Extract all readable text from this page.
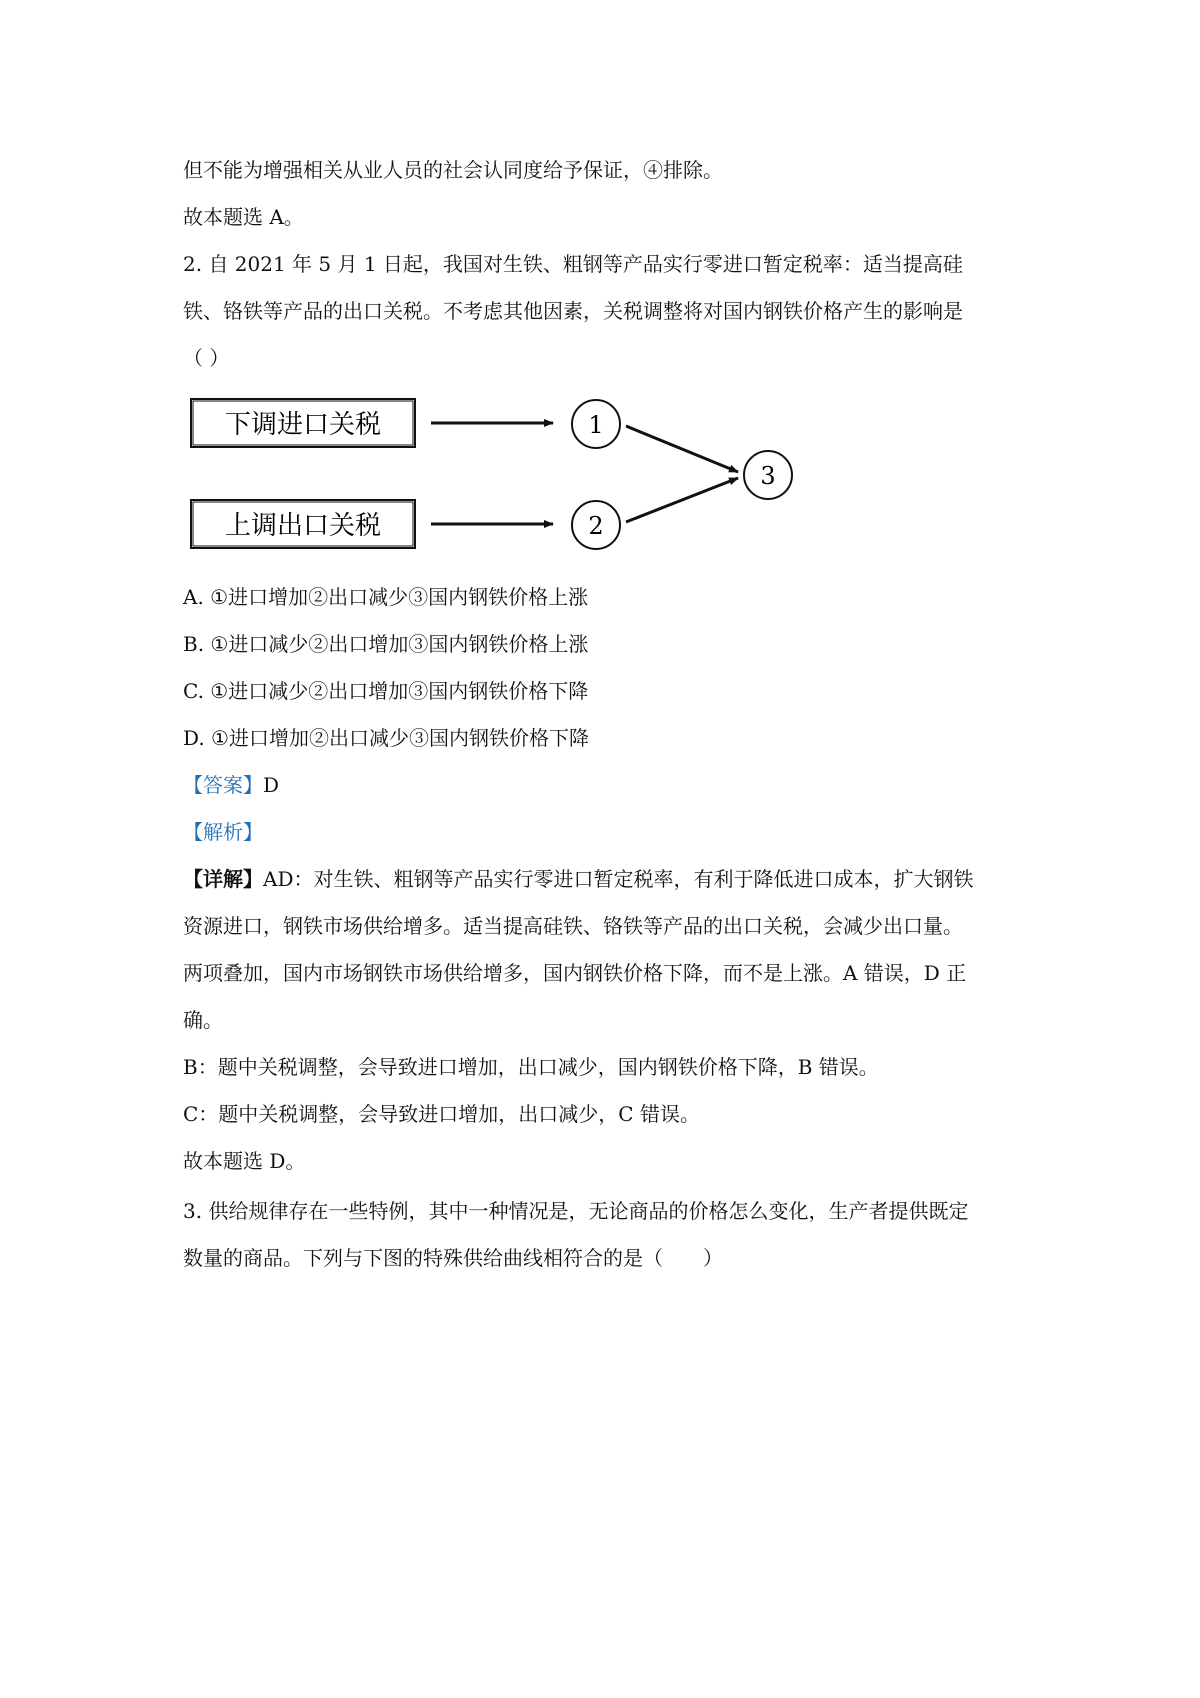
但不能为增强相关从业人员的社会认同度给予保证，④排除。
故本题选 A。
2. 自 2021 年 5 月 1 日起，我国对生铁、粗钢等产品实行零进口暂定税率：适当提高硅
铁、铬铁等产品的出口关税。不考虑其他因素，关税调整将对国内钢铁价格产生的影响是
（ ）
下调进口关税
上调出口关税
1
2
3
A. ①进口增加②出口减少③国内钢铁价格上涨
B. ①进口减少②出口增加③国内钢铁价格上涨
C. ①进口减少②出口增加③国内钢铁价格下降
D. ①进口增加②出口减少③国内钢铁价格下降
【答案】D
【解析】
【详解】AD：对生铁、粗钢等产品实行零进口暂定税率，有利于降低进口成本，扩大钢铁
资源进口，钢铁市场供给增多。适当提高硅铁、铬铁等产品的出口关税，会减少出口量。
两项叠加，国内市场钢铁市场供给增多，国内钢铁价格下降，而不是上涨。A 错误，D 正
确。
B：题中关税调整，会导致进口增加，出口减少，国内钢铁价格下降，B 错误。
C：题中关税调整，会导致进口增加，出口减少，C 错误。
故本题选 D。
3. 供给规律存在一些特例，其中一种情况是，无论商品的价格怎么变化，生产者提供既定
数量的商品。下列与下图的特殊供给曲线相符合的是（　　）
